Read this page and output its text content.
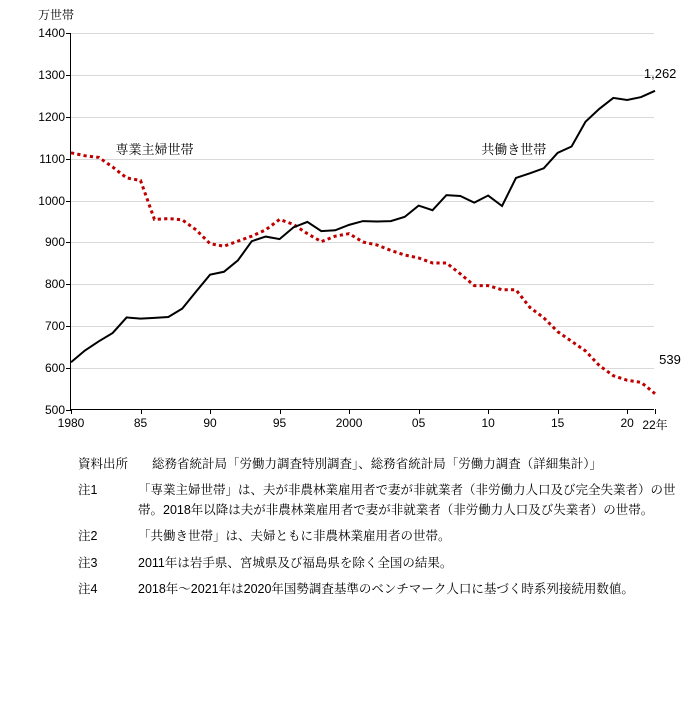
万世帯
500
600
700
800
900
1000
1100
1200
1300
1400
1980	85	90	95	2000	05	10	15	20 22年
専業主婦世帯	共働き世帯
1,262
539
資料出所	総務省統計局「労働力調査特別調査」、総務省統計局「労働力調査（詳細集計）」
注1	「専業主婦世帯」は、夫が非農林業雇用者で妻が非就業者（非労働力人口及び完全失業者）の世帯。2018年以降は夫が非農林業雇用者で妻が非就業者（非労働力人口及び失業者）の世帯。
注2	「共働き世帯」は、夫婦ともに非農林業雇用者の世帯。
注3	2011年は岩手県、宮城県及び福島県を除く全国の結果。
注4	2018年～2021年は2020年国勢調査基準のベンチマーク人口に基づく時系列接続用数値。
